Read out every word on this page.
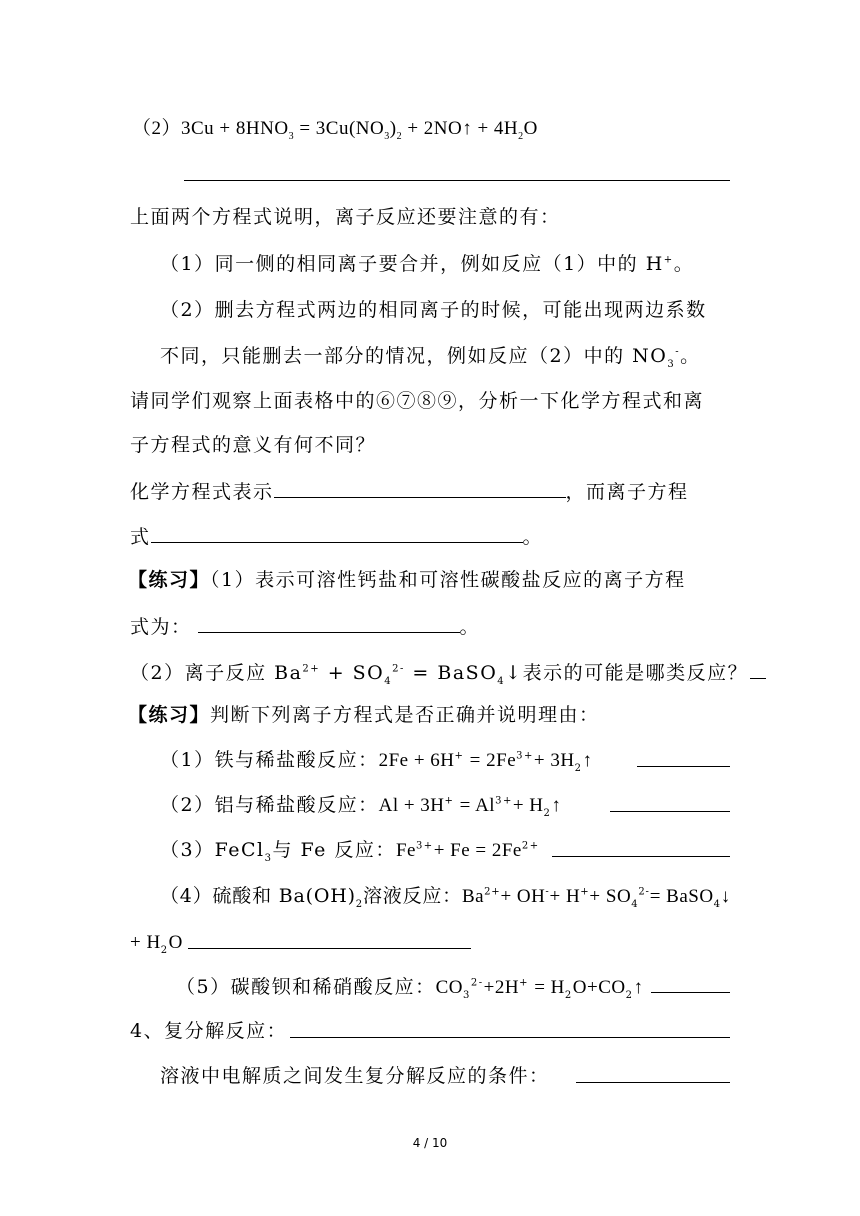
$(2)3Cu + 8HNO_3 = 3Cu(NO_3)_2$ + 2NO↑ + $4H_2O$
上面两个方程式说明，离子反应还要注意的有：
（1）同一侧的相同离子要合并，例如反应（1）中的 H+。
（2）删去方程式两边的相同离子的时候，可能出现两边系数
不同，只能删去一部分的情况，例如反应（2）中的 $NO_3^-$。
请同学们观察上面表格中的⑥⑦⑧⑨，分析一下化学方程式和离
子方程式的意义有何不同？
化学方程式表示	，而离子方程
式	。
【练习】（1）表示可溶性钙盐和可溶性碳酸盐反应的离子方程
式为：	。
（2）离子反应 $Ba^{2+} + SO_4^{2-}$ = BaSO$_4$↓表示的可能是哪类反应？
【练习】判断下列离子方程式是否正确并说明理由：
（1）铁与稀盐酸反应：$2Fe + 6H^+ = 2Fe^{3+}+$ $3H_2↑$
（2）铝与稀盐酸反应：$Al + 3H^+ = Al^{3+}+$ $H_2↑$
（3）FeCl$_3$与 Fe 反应：$Fe^{3+}+ Fe = 2Fe^{2+}$
（4）硫酸和 $Ba(OH)_2$溶液反应：$Ba^{2+}+ OH^-+ H^++ SO_4^{2-}=$ BaSO$_4$↓
+ $H_2O$
（5）碳酸钡和稀硝酸反应：$CO_3^{2-}+2H^+$ = $H_2O+CO_2↑$
4、复分解反应：
溶液中电解质之间发生复分解反应的条件：
4 / 10
